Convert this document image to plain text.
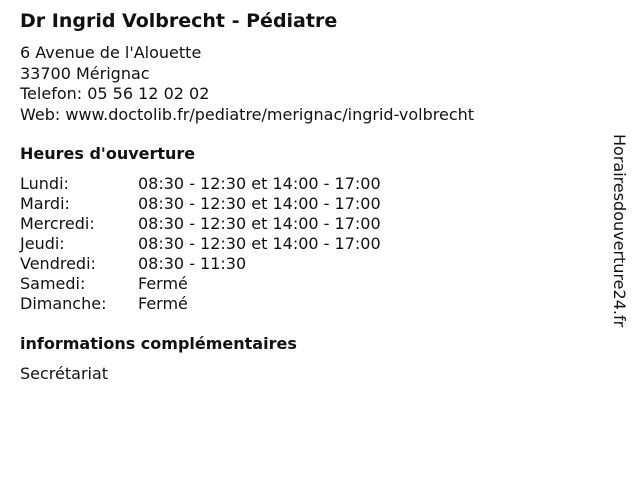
Dr Ingrid Volbrecht - Pédiatre
6 Avenue de l'Alouette
33700 Mérignac
Telefon: 05 56 12 02 02
Web: www.doctolib.fr/pediatre/merignac/ingrid-volbrecht
Heures d'ouverture
Lundi:	08:30 - 12:30 et 14:00 - 17:00
Mardi:	08:30 - 12:30 et 14:00 - 17:00
Mercredi:	08:30 - 12:30 et 14:00 - 17:00
Jeudi:	08:30 - 12:30 et 14:00 - 17:00
Vendredi:	08:30 - 11:30
Samedi:	Fermé
Dimanche:	Fermé
informations complémentaires
Secrétariat
Horairesdouverture24.fr
